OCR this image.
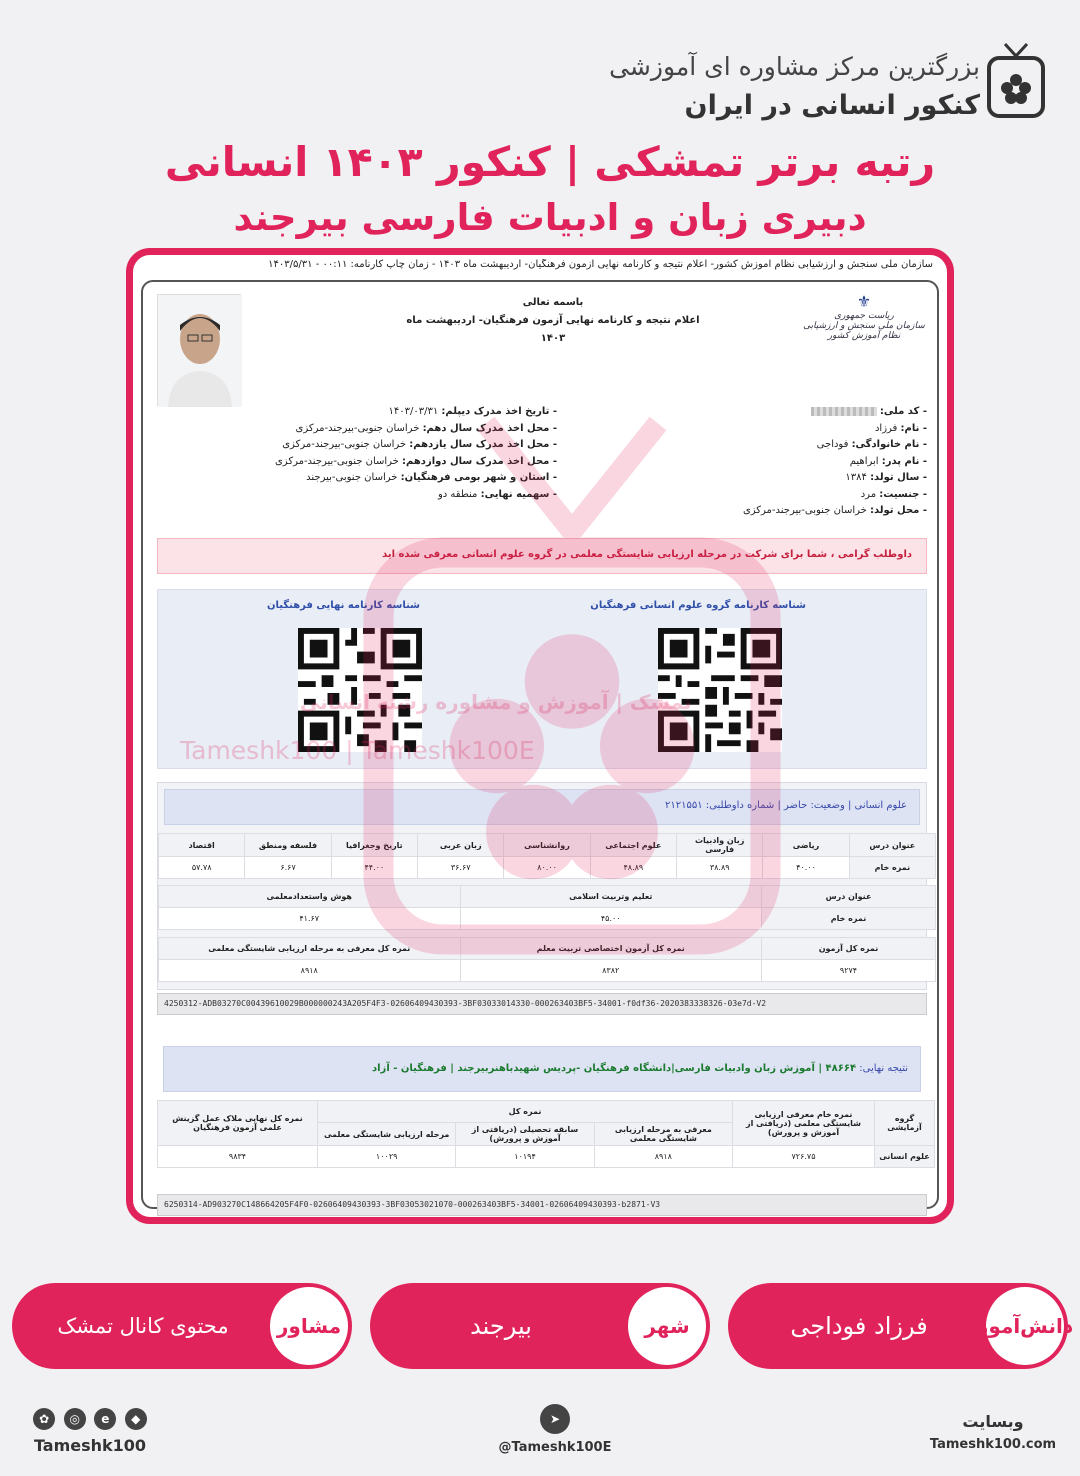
بزرگترین مرکز مشاوره ای آموزشی
کنکور انسانی در ایران
رتبه برتر تمشکی | کنکور ۱۴۰۳ انسانی
دبیری زبان و ادبیات فارسی بیرجند
سازمان ملی سنجش و ارزشیابی نظام آموزش کشور- اعلام نتیجه و کارنامه نهایی آزمون فرهنگیان- اردیبهشت ماه ۱۴۰۳ - زمان چاپ کارنامه: ۰۰:۱۱ - ۱۴۰۳/۵/۳۱
باسمه تعالی
اعلام نتیجه و کارنامه نهایی آزمون فرهنگیان- اردیبهشت ماه ۱۴۰۳
⚜
ریاست جمهوری
سازمان ملی سنجش و ارزشیابی نظام آموزش کشور
- کد ملی:
- نام: فرزاد
- نام خانوادگی: فوداجی
- نام پدر: ابراهیم
- سال تولد: ۱۳۸۴
- جنسیت: مرد
- محل تولد: خراسان جنوبی-بیرجند-مرکزی
- تاریخ اخذ مدرک دیپلم: ۱۴۰۳/۰۳/۳۱
- محل اخذ مدرک سال دهم: خراسان جنوبی-بیرجند-مرکزی
- محل اخذ مدرک سال یازدهم: خراسان جنوبی-بیرجند-مرکزی
- محل اخذ مدرک سال دوازدهم: خراسان جنوبی-بیرجند-مرکزی
- استان و شهر بومی فرهنگیان: خراسان جنوبی-بیرجند
- سهمیه نهایی: منطقه دو
داوطلب گرامی ، شما برای شرکت در مرحله ارزیابی شایستگی معلمی در گروه علوم انسانی معرفی شده اید
شناسه کارنامه گروه علوم انسانی فرهنگیان
شناسه کارنامه نهایی فرهنگیان
علوم انسانی | وضعیت: حاضر | شماره داوطلبی: ۲۱۲۱۵۵۱
عنوان درس	ریاضی	زبان وادبیات فارسی	علوم اجتماعی	روانشناسی	زبان عربی	تاریخ وجغرافیا	فلسفه ومنطق	اقتصاد
نمره خام	۴۰.۰۰	۳۸.۸۹	۴۸.۸۹	۸۰.۰۰	۳۶.۶۷	۴۴.۰۰	۶.۶۷	۵۷.۷۸
عنوان درس	تعلیم وتربیت اسلامی	هوش واستعدادمعلمی
نمره خام	۴۵.۰۰	۴۱.۶۷
نمره کل آزمون	نمره کل آزمون اختصاصی تربیت معلم	نمره کل معرفی به مرحله ارزیابی شایستگی معلمی
۹۲۷۴	۸۳۸۲	۸۹۱۸
4250312-ADB03270C00439610029B000000243A205F4F3-02606409430393-3BF03033014330-000263403BF5-34001-f0df36-2020383338326-03e7d-V2
نتیجه نهایی: ۴۸۶۶۴ | آموزش زبان وادبیات فارسی|دانشگاه فرهنگیان -پردیس شهیدباهنربیرجند | فرهنگیان - آزاد
گروه آزمایشی	نمره خام معرفی ارزیابی شایستگی معلمی (دریافتی از آموزش و پرورش)	نمره کل			نمره کل نهایی ملاک عمل گزینش علمی آزمون فرهنگیان
		معرفی به مرحله ارزیابی شایستگی معلمی	سابقه تحصیلی (دریافتی از آموزش و پرورش)	مرحله ارزیابی شایستگی معلمی	
علوم انسانی	۷۲۶.۷۵	۸۹۱۸	۱۰۱۹۴	۱۰۰۲۹	۹۸۳۴
6250314-AD903270C148664205F4F0-02606409430393-3BF03053021070-000263403BF5-34001-02606409430393-b2871-V3
تمشک | آموزش و مشاوره رشته انسانی
Tameshk100 | Tameshk100E
دانش‌آموز
فرزاد فوداجی
شهر
بیرجند
مشاور
محتوی کانال تمشک
وبسایت
Tameshk100.com
➤
@Tameshk100E
✿ ◎ e ◆
Tameshk100
